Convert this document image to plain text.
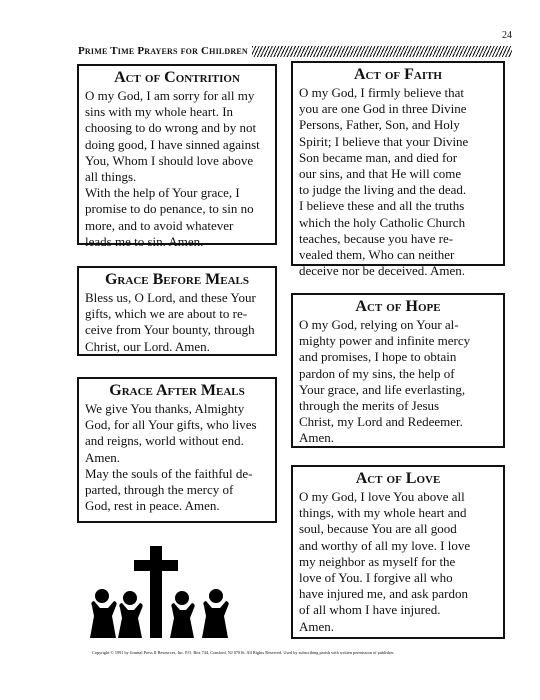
24
Prime Time Prayers for Children
Act of Contrition
O my God, I am sorry for all my
sins with my whole heart. In
choosing to do wrong and by not
doing good, I have sinned against
You, Whom I should love above
all things.
With the help of Your grace, I
promise to do penance, to sin no
more, and to avoid whatever
leads me to sin. Amen.
Act of Faith
O my God, I firmly believe that
you are one God in three Divine
Persons, Father, Son, and Holy
Spirit; I believe that your Divine
Son became man, and died for
our sins, and that He will come
to judge the living and the dead.
I believe these and all the truths
which the holy Catholic Church
teaches, because you have re-
vealed them, Who can neither
deceive nor be deceived. Amen.
Grace Before Meals
Bless us, O Lord, and these Your
gifts, which we are about to re-
ceive from Your bounty, through
Christ, our Lord. Amen.
Act of Hope
O my God, relying on Your al-
mighty power and infinite mercy
and promises, I hope to obtain
pardon of my sins, the help of
Your grace, and life everlasting,
through the merits of Jesus
Christ, my Lord and Redeemer.
Amen.
Grace After Meals
We give You thanks, Almighty
God, for all Your gifts, who lives
and reigns, world without end.
Amen.
May the souls of the faithful de-
parted, through the mercy of
God, rest in peace. Amen.
Act of Love
O my God, I love You above all
things, with my whole heart and
soul, because You are all good
and worthy of all my love. I love
my neighbor as myself for the
love of You. I forgive all who
have injured me, and ask pardon
of all whom I have injured.
Amen.
Copyright © 1991 by Journal Press II Resources, Inc. P.O. Box 744, Cranford, NJ 07016. All Rights Reserved. Used by subscribing parish with written permission of publisher.
